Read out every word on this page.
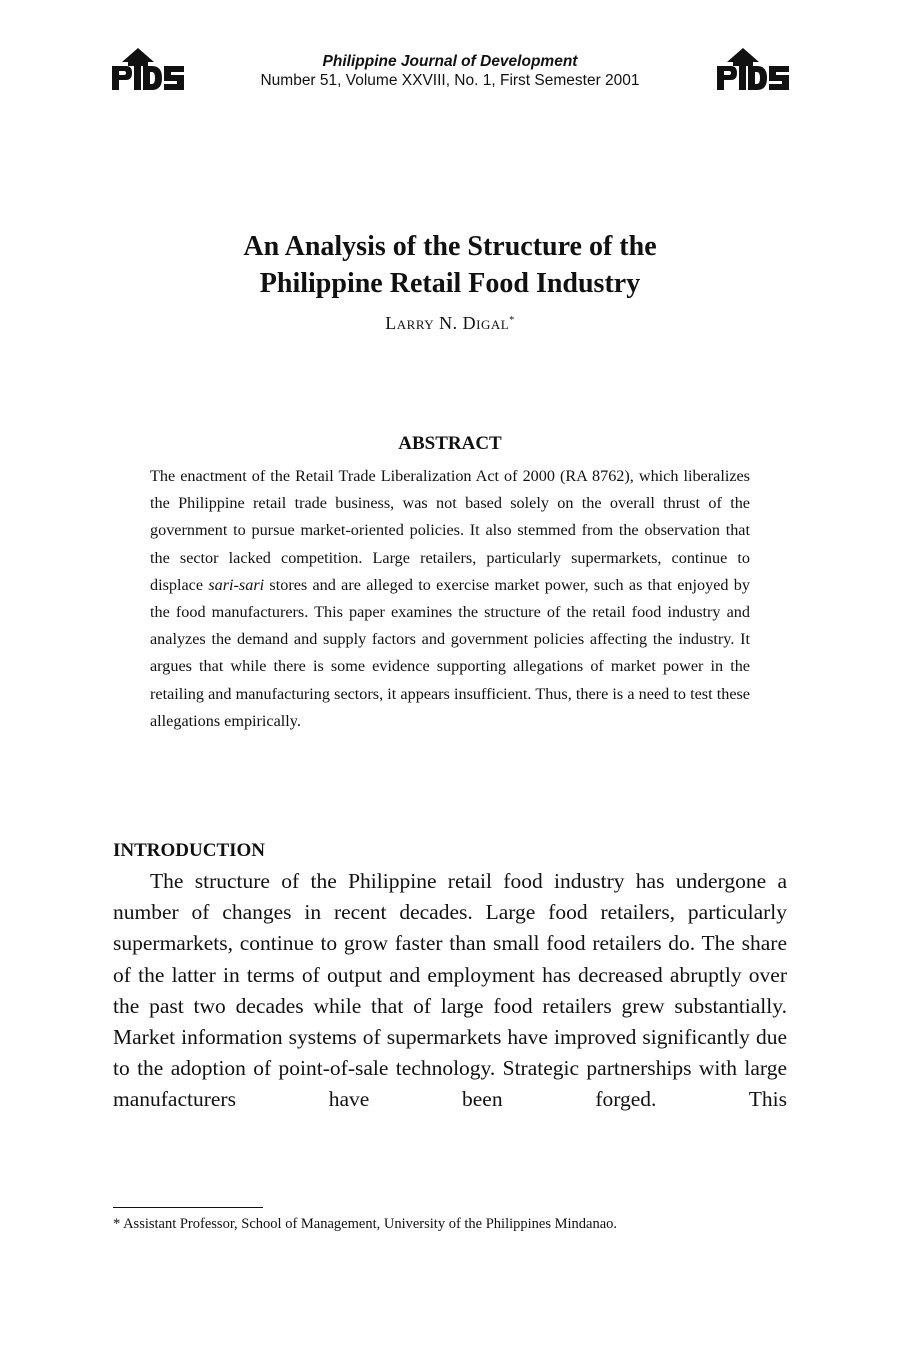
Philippine Journal of Development
Number 51, Volume XXVIII, No. 1, First Semester 2001
An Analysis of the Structure of the
Philippine Retail Food Industry
Larry N. Digal*
ABSTRACT
The enactment of the Retail Trade Liberalization Act of 2000 (RA 8762), which liberalizes the Philippine retail trade business, was not based solely on the overall thrust of the government to pursue market-oriented policies. It also stemmed from the observation that the sector lacked competition. Large retailers, particularly supermarkets, continue to displace sari-sari stores and are alleged to exercise market power, such as that enjoyed by the food manufacturers. This paper examines the structure of the retail food industry and analyzes the demand and supply factors and government policies affecting the industry. It argues that while there is some evidence supporting allegations of market power in the retailing and manufacturing sectors, it appears insufficient. Thus, there is a need to test these allegations empirically.
INTRODUCTION
The structure of the Philippine retail food industry has undergone a number of changes in recent decades. Large food retailers, particularly supermarkets, continue to grow faster than small food retailers do. The share of the latter in terms of output and employment has decreased abruptly over the past two decades while that of large food retailers grew substantially. Market information systems of supermarkets have improved significantly due to the adoption of point-of-sale technology. Strategic partnerships with large manufacturers have been forged. This
* Assistant Professor, School of Management, University of the Philippines Mindanao.
